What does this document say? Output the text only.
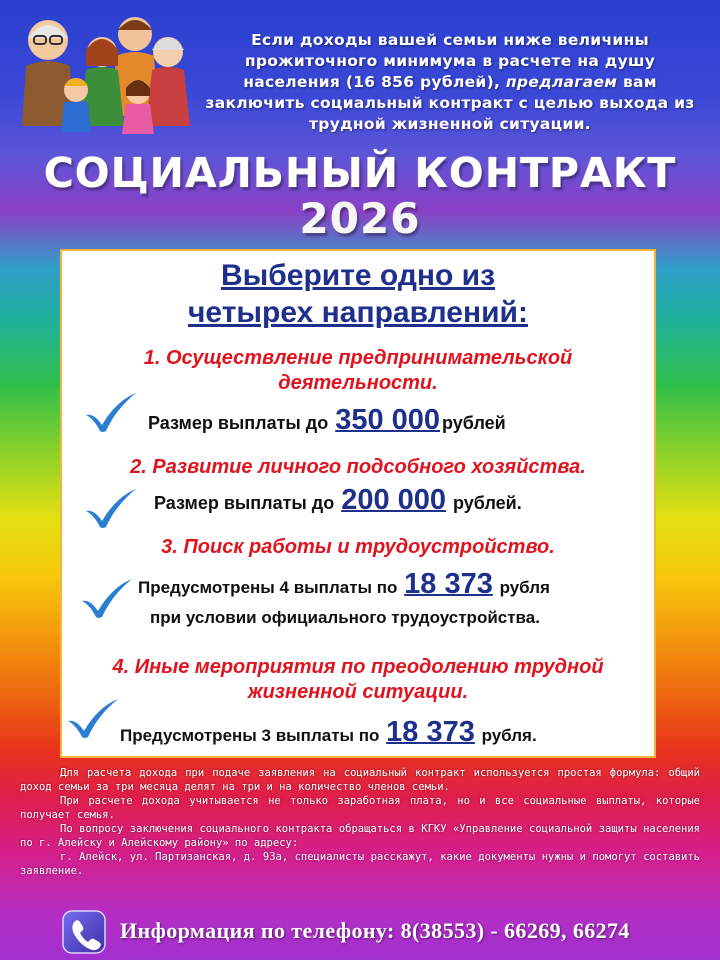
Если доходы вашей семьи ниже величины прожиточного минимума в расчете на душу населения (16 856 рублей), предлагаем вам заключить социальный контракт с целью выхода из трудной жизненной ситуации.
СОЦИАЛЬНЫЙ КОНТРАКТ
2026
Выберите одно из
четырех направлений:
1. Осуществление предпринимательской деятельности.
Размер выплаты до 350 000 рублей
2. Развитие личного подсобного хозяйства.
Размер выплаты до 200 000 рублей.
3. Поиск работы и трудоустройство.
Предусмотрены 4 выплаты по 18 373 рубля
при условии официального трудоустройства.
4. Иные мероприятия по преодолению трудной жизненной ситуации.
Предусмотрены 3 выплаты по 18 373 рубля.

Для расчета дохода при подаче заявления на социальный контракт используется простая формула: общий доход семьи за три месяца делят на три и на количество членов семьи.

При расчете дохода учитывается не только заработная плата, но и все социальные выплаты, которые получает семья.

По вопросу заключения социального контракта обращаться в КГКУ «Управление социальной защиты населения по г. Алейску и Алейскому району» по адресу:

г. Алейск, ул. Партизанская, д. 93а, специалисты расскажут, какие документы нужны и помогут составить заявление.

Информация по телефону: 8(38553) - 66269, 66274
